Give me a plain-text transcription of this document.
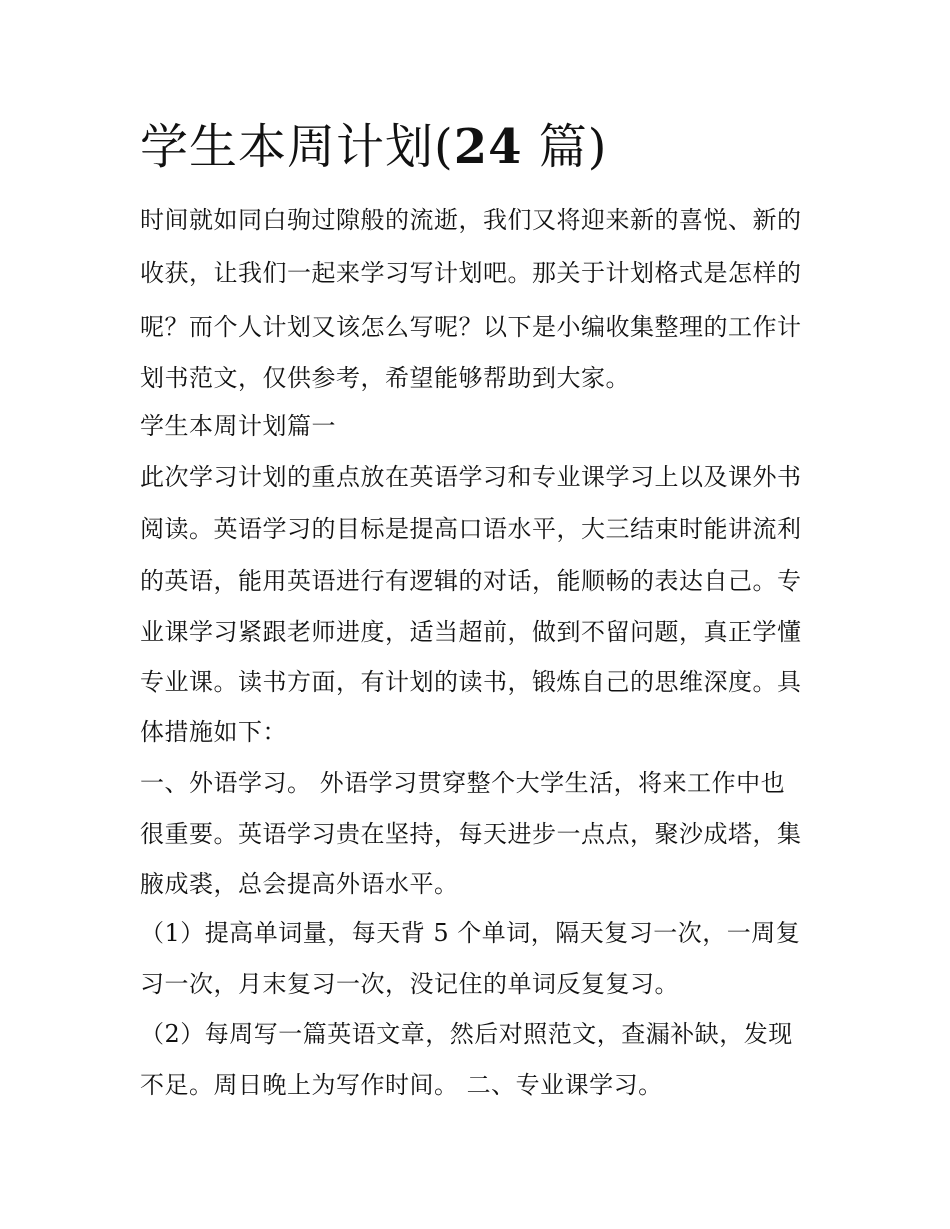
学生本周计划(24 篇)

时间就如同白驹过隙般的流逝，我们又将迎来新的喜悦、新的

收获，让我们一起来学习写计划吧。那关于计划格式是怎样的

呢？而个人计划又该怎么写呢？以下是小编收集整理的工作计

划书范文，仅供参考，希望能够帮助到大家。

学生本周计划篇一

此次学习计划的重点放在英语学习和专业课学习上以及课外书

阅读。英语学习的目标是提高口语水平，大三结束时能讲流利

的英语，能用英语进行有逻辑的对话，能顺畅的表达自己。专

业课学习紧跟老师进度，适当超前，做到不留问题，真正学懂

专业课。读书方面，有计划的读书，锻炼自己的思维深度。具

体措施如下：

一、外语学习。 外语学习贯穿整个大学生活，将来工作中也

很重要。英语学习贵在坚持，每天进步一点点，聚沙成塔，集

腋成裘，总会提高外语水平。

（1）提高单词量，每天背 5 个单词，隔天复习一次，一周复

习一次，月末复习一次，没记住的单词反复复习。

（2）每周写一篇英语文章，然后对照范文，查漏补缺，发现

不足。周日晚上为写作时间。 二、专业课学习。
